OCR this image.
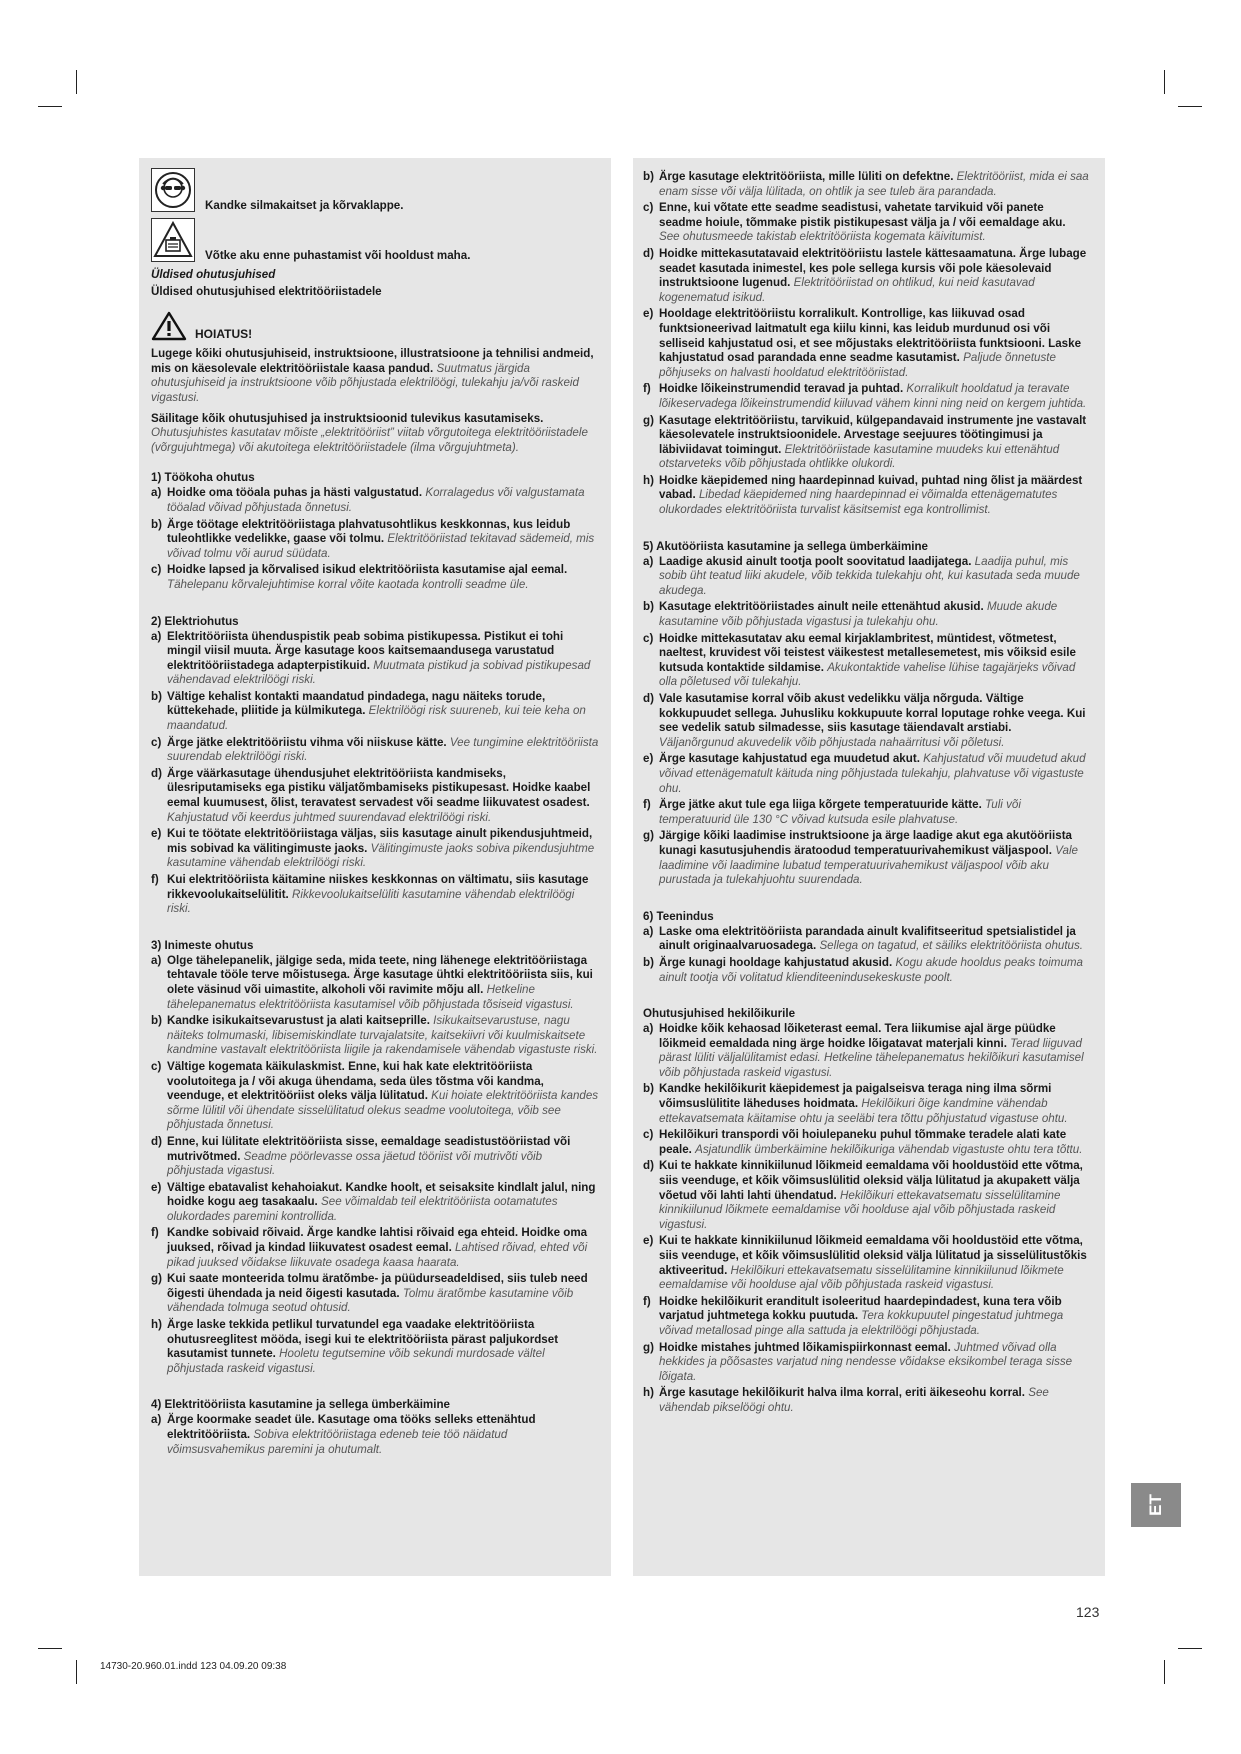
Kandke silmakaitset ja kõrvaklappe.
Võtke aku enne puhastamist või hooldust maha.
Üldised ohutusjuhised
Üldised ohutusjuhised elektritööriistadele
HOIATUS!
Lugege kõiki ohutusjuhiseid, instruktsioone, illustratsioone ja tehnilisi andmeid, mis on käesolevale elektritööriistale kaasa pandud. Suutmatus järgida ohutusjuhiseid ja instruktsioone võib põhjustada elektrilöögi, tulekahju ja/või raskeid vigastusi.
Säilitage kõik ohutusjuhised ja instruktsioonid tulevikus kasutamiseks.
Ohutusjuhistes kasutatav mõiste „elektritööriist” viitab võrgutoitega elektritööriistadele (võrgujuhtmega) või akutoitega elektritööriistadele (ilma võrgujuhtmeta).
1) Töökoha ohutus
a) Hoidke oma tööala puhas ja hästi valgustatud. Korralagedus või valgustamata tööalad võivad põhjustada õnnetusi.
b) Ärge töötage elektritööriistaga plahvatusohtlikus keskkonnas, kus leidub tuleohtlikke vedelikke, gaase või tolmu. Elektritööriistad tekitavad sädemeid, mis võivad tolmu või aurud süüdata.
c) Hoidke lapsed ja kõrvalised isikud elektritööriista kasutamise ajal eemal. Tähelepanu kõrvalejuhtimise korral võite kaotada kontrolli seadme üle.
2) Elektriohutus
a) Elektritööriista ühenduspistik peab sobima pistikupessa. Pistikut ei tohi mingil viisil muuta. Ärge kasutage koos kaitsemaandusega varustatud elektritööriistadega adapterpistikuid. Muutmata pistikud ja sobivad pistikupesad vähendavad elektrilöögi riski.
b) Vältige kehalist kontakti maandatud pindadega, nagu näiteks torude, küttekehade, pliitide ja külmikutega. Elektrilöögi risk suureneb, kui teie keha on maandatud.
c) Ärge jätke elektritööriistu vihma või niiskuse kätte. Vee tungimine elektritööriista suurendab elektrilöögi riski.
d) Ärge väärkasutage ühendusjuhet elektritööriista kandmiseks, ülesriputamiseks ega pistiku väljatõmbamiseks pistikupesast. Hoidke kaabel eemal kuumusest, õlist, teravatest servadest või seadme liikuvatest osadest. Kahjustatud või keerdus juhtmed suurendavad elektrilöögi riski.
e) Kui te töötate elektritööriistaga väljas, siis kasutage ainult pikendusjuhtmeid, mis sobivad ka välitingimuste jaoks. Välitingimuste jaoks sobiva pikendusjuhtme kasutamine vähendab elektrilöögi riski.
f) Kui elektritööriista käitamine niiskes keskkonnas on vältimatu, siis kasutage rikkevoolukaitselülitit. Rikkevoolukaitselüliti kasutamine vähendab elektrilöögi riski.
3) Inimeste ohutus
a) Olge tähelepanelik, jälgige seda, mida teete, ning lähenege elektritööriistaga tehtavale tööle terve mõistusega. Ärge kasutage ühtki elektritööriista siis, kui olete väsinud või uimastite, alkoholi või ravimite mõju all. Hetkeline tähelepanematus elektritööriista kasutamisel võib põhjustada tõsiseid vigastusi.
b) Kandke isikukaitsevarustust ja alati kaitseprille. Isikukaitsevarustuse, nagu näiteks tolmumaski, libisemiskindlate turvajalatsite, kaitsekiivri või kuulmiskaitsete kandmine vastavalt elektritööriista liigile ja rakendamisele vähendab vigastuste riski.
c) Vältige kogemata käikulaskmist. Enne, kui hak kate elektritööriista voolutoitega ja / või akuga ühendama, seda üles tõstma või kandma, veenduge, et elektritööriist oleks välja lülitatud. Kui hoiate elektritööriista kandes sõrme lülitil või ühendate sisselülitatud olekus seadme voolutoitega, võib see põhjustada õnnetusi.
d) Enne, kui lülitate elektritööriista sisse, eemaldage seadistustööriistad või mutrivõtmed. Seadme pöörlevasse ossa jäetud tööriist või mutrivõti võib põhjustada vigastusi.
e) Vältige ebatavalist kehahoiakut. Kandke hoolt, et seisaksite kindlalt jalul, ning hoidke kogu aeg tasakaalu. See võimaldab teil elektritööriista ootamatutes olukordades paremini kontrollida.
f) Kandke sobivaid rõivaid. Ärge kandke lahtisi rõivaid ega ehteid. Hoidke oma juuksed, rõivad ja kindad liikuvatest osadest eemal. Lahtised rõivad, ehted või pikad juuksed võidakse liikuvate osadega kaasa haarata.
g) Kui saate monteerida tolmu äratõmbe- ja püüdurseadeldised, siis tuleb need õigesti ühendada ja neid õigesti kasutada. Tolmu äratõmbe kasutamine võib vähendada tolmuga seotud ohtusid.
h) Ärge laske tekkida petlikul turvatundel ega vaadake elektritööriista ohutusreeglitest mööda, isegi kui te elektritööriista pärast paljukordset kasutamist tunnete. Hooletu tegutsemine võib sekundi murdosade vältel põhjustada raskeid vigastusi.
4) Elektritööriista kasutamine ja sellega ümberkäimine
a) Ärge koormake seadet üle. Kasutage oma tööks selleks ettenähtud elektritööriista. Sobiva elektritööriistaga edeneb teie töö näidatud võimsusvahemikus paremini ja ohutumalt.
b) Ärge kasutage elektritööriista, mille lüliti on defektne. Elektritööriist, mida ei saa enam sisse või välja lülitada, on ohtlik ja see tuleb ära parandada.
c) Enne, kui võtate ette seadme seadistusi, vahetate tarvikuid või panete seadme hoiule, tõmmake pistik pistikupesast välja ja / või eemaldage aku. See ohutusmeede takistab elektritööriista kogemata käivitumist.
d) Hoidke mittekasutatavaid elektritööriistu lastele kättesaamatuna. Ärge lubage seadet kasutada inimestel, kes pole sellega kursis või pole käesolevaid instruktsioone lugenud. Elektritööriistad on ohtlikud, kui neid kasutavad kogenematud isikud.
e) Hooldage elektritööriistu korralikult. Kontrollige, kas liikuvad osad funktsioneerivad laitmatult ega kiilu kinni, kas leidub murdunud osi või selliseid kahjustatud osi, et see mõjustaks elektritööriista funktsiooni. Laske kahjustatud osad parandada enne seadme kasutamist. Paljude õnnetuste põhjuseks on halvasti hooldatud elektritööriistad.
f) Hoidke lõikeinstrumendid teravad ja puhtad. Korralikult hooldatud ja teravate lõikeservadega lõikeinstrumendid kiiluvad vähem kinni ning neid on kergem juhtida.
g) Kasutage elektritööriistu, tarvikuid, külgepandavaid instrumente jne vastavalt käesolevatele instruktsioonidele. Arvestage seejuures töötingimusi ja läbiviidavat toimingut. Elektritööriistade kasutamine muudeks kui ettenähtud otstarveteks võib põhjustada ohtlikke olukordi.
h) Hoidke käepidemed ning haardepinnad kuivad, puhtad ning õlist ja määrdest vabad. Libedad käepidemed ning haardepinnad ei võimalda ettenägematutes olukordades elektritööriista turvalist käsitsemist ega kontrollimist.
5) Akutööriista kasutamine ja sellega ümberkäimine
a) Laadige akusid ainult tootja poolt soovitatud laadijatega. Laadija puhul, mis sobib üht teatud liiki akudele, võib tekkida tulekahju oht, kui kasutada seda muude akudega.
b) Kasutage elektritööriistades ainult neile ettenähtud akusid. Muude akude kasutamine võib põhjustada vigastusi ja tulekahju ohu.
c) Hoidke mittekasutatav aku eemal kirjaklambritest, müntidest, võtmetest, naeltest, kruvidest või teistest väikestest metallesemetest, mis võiksid esile kutsuda kontaktide sildamise. Akukontaktide vahelise lühise tagajärjeks võivad olla põletused või tulekahju.
d) Vale kasutamise korral võib akust vedelikku välja nõrguda. Vältige kokkupuudet sellega. Juhusliku kokkupuute korral loputage rohke veega. Kui see vedelik satub silmadesse, siis kasutage täiendavalt arstiabi. Väljanõrgunud akuvedelik võib põhjustada nahaärritusi või põletusi.
e) Ärge kasutage kahjustatud ega muudetud akut. Kahjustatud või muudetud akud võivad ettenägematult käituda ning põhjustada tulekahju, plahvatuse või vigastuste ohu.
f) Ärge jätke akut tule ega liiga kõrgete temperatuuride kätte. Tuli või temperatuurid üle 130 °C võivad kutsuda esile plahvatuse.
g) Järgige kõiki laadimise instruktsioone ja ärge laadige akut ega akutööriista kunagi kasutusjuhendis äratoodud temperatuurivahemikust väljaspool. Vale laadimine või laadimine lubatud temperatuurivahemikust väljaspool võib aku purustada ja tulekahjuohtu suurendada.
6) Teenindus
a) Laske oma elektritööriista parandada ainult kvalifitseeritud spetsialistidel ja ainult originaalvaruosadega. Sellega on tagatud, et säiliks elektritööriista ohutus.
b) Ärge kunagi hooldage kahjustatud akusid. Kogu akude hooldus peaks toimuma ainult tootja või volitatud klienditeenindusekeskuste poolt.
Ohutusjuhised hekilõikurile
a) Hoidke kõik kehaosad lõiketerast eemal. Tera liikumise ajal ärge püüdke lõikmeid eemaldada ning ärge hoidke lõigatavat materjali kinni. Terad liiguvad pärast lüliti väljalülitamist edasi. Hetkeline tähelepanematus hekilõikuri kasutamisel võib põhjustada raskeid vigastusi.
b) Kandke hekilõikurit käepidemest ja paigalseisva teraga ning ilma sõrmi võimsuslülitite läheduses hoidmata. Hekilõikuri õige kandmine vähendab ettekavatsemata käitamise ohtu ja seeläbi tera tõttu põhjustatud vigastuse ohtu.
c) Hekilõikuri transpordi või hoiulepaneku puhul tõmmake teradele alati kate peale. Asjatundlik ümberkäimine hekilõikuriga vähendab vigastuste ohtu tera tõttu.
d) Kui te hakkate kinnikiilunud lõikmeid eemaldama või hooldustöid ette võtma, siis veenduge, et kõik võimsuslülitid oleksid välja lülitatud ja akupakett välja võetud või lahti lahti ühendatud. Hekilõikuri ettekavatsematu sisselülitamine kinnikiilunud lõikmete eemaldamise või hoolduse ajal võib põhjustada raskeid vigastusi.
e) Kui te hakkate kinnikiilunud lõikmeid eemaldama või hooldustöid ette võtma, siis veenduge, et kõik võimsuslülitid oleksid välja lülitatud ja sisselülitustõkis aktiveeritud. Hekilõikuri ettekavatsematu sisselülitamine kinnikiilunud lõikmete eemaldamise või hoolduse ajal võib põhjustada raskeid vigastusi.
f) Hoidke hekilõikurit eranditult isoleeritud haardepindadest, kuna tera võib varjatud juhtmetega kokku puutuda. Tera kokkupuutel pingestatud juhtmega võivad metallosad pinge alla sattuda ja elektrilöögi põhjustada.
g) Hoidke mistahes juhtmed lõikamispiirkonnast eemal. Juhtmed võivad olla hekkides ja põõsastes varjatud ning nendesse võidakse eksikombel teraga sisse lõigata.
h) Ärge kasutage hekilõikurit halva ilma korral, eriti äikeseohu korral. See vähendab pikselöögi ohtu.
ET
123
14730-20.960.01.indd 123 04.09.20 09:38
